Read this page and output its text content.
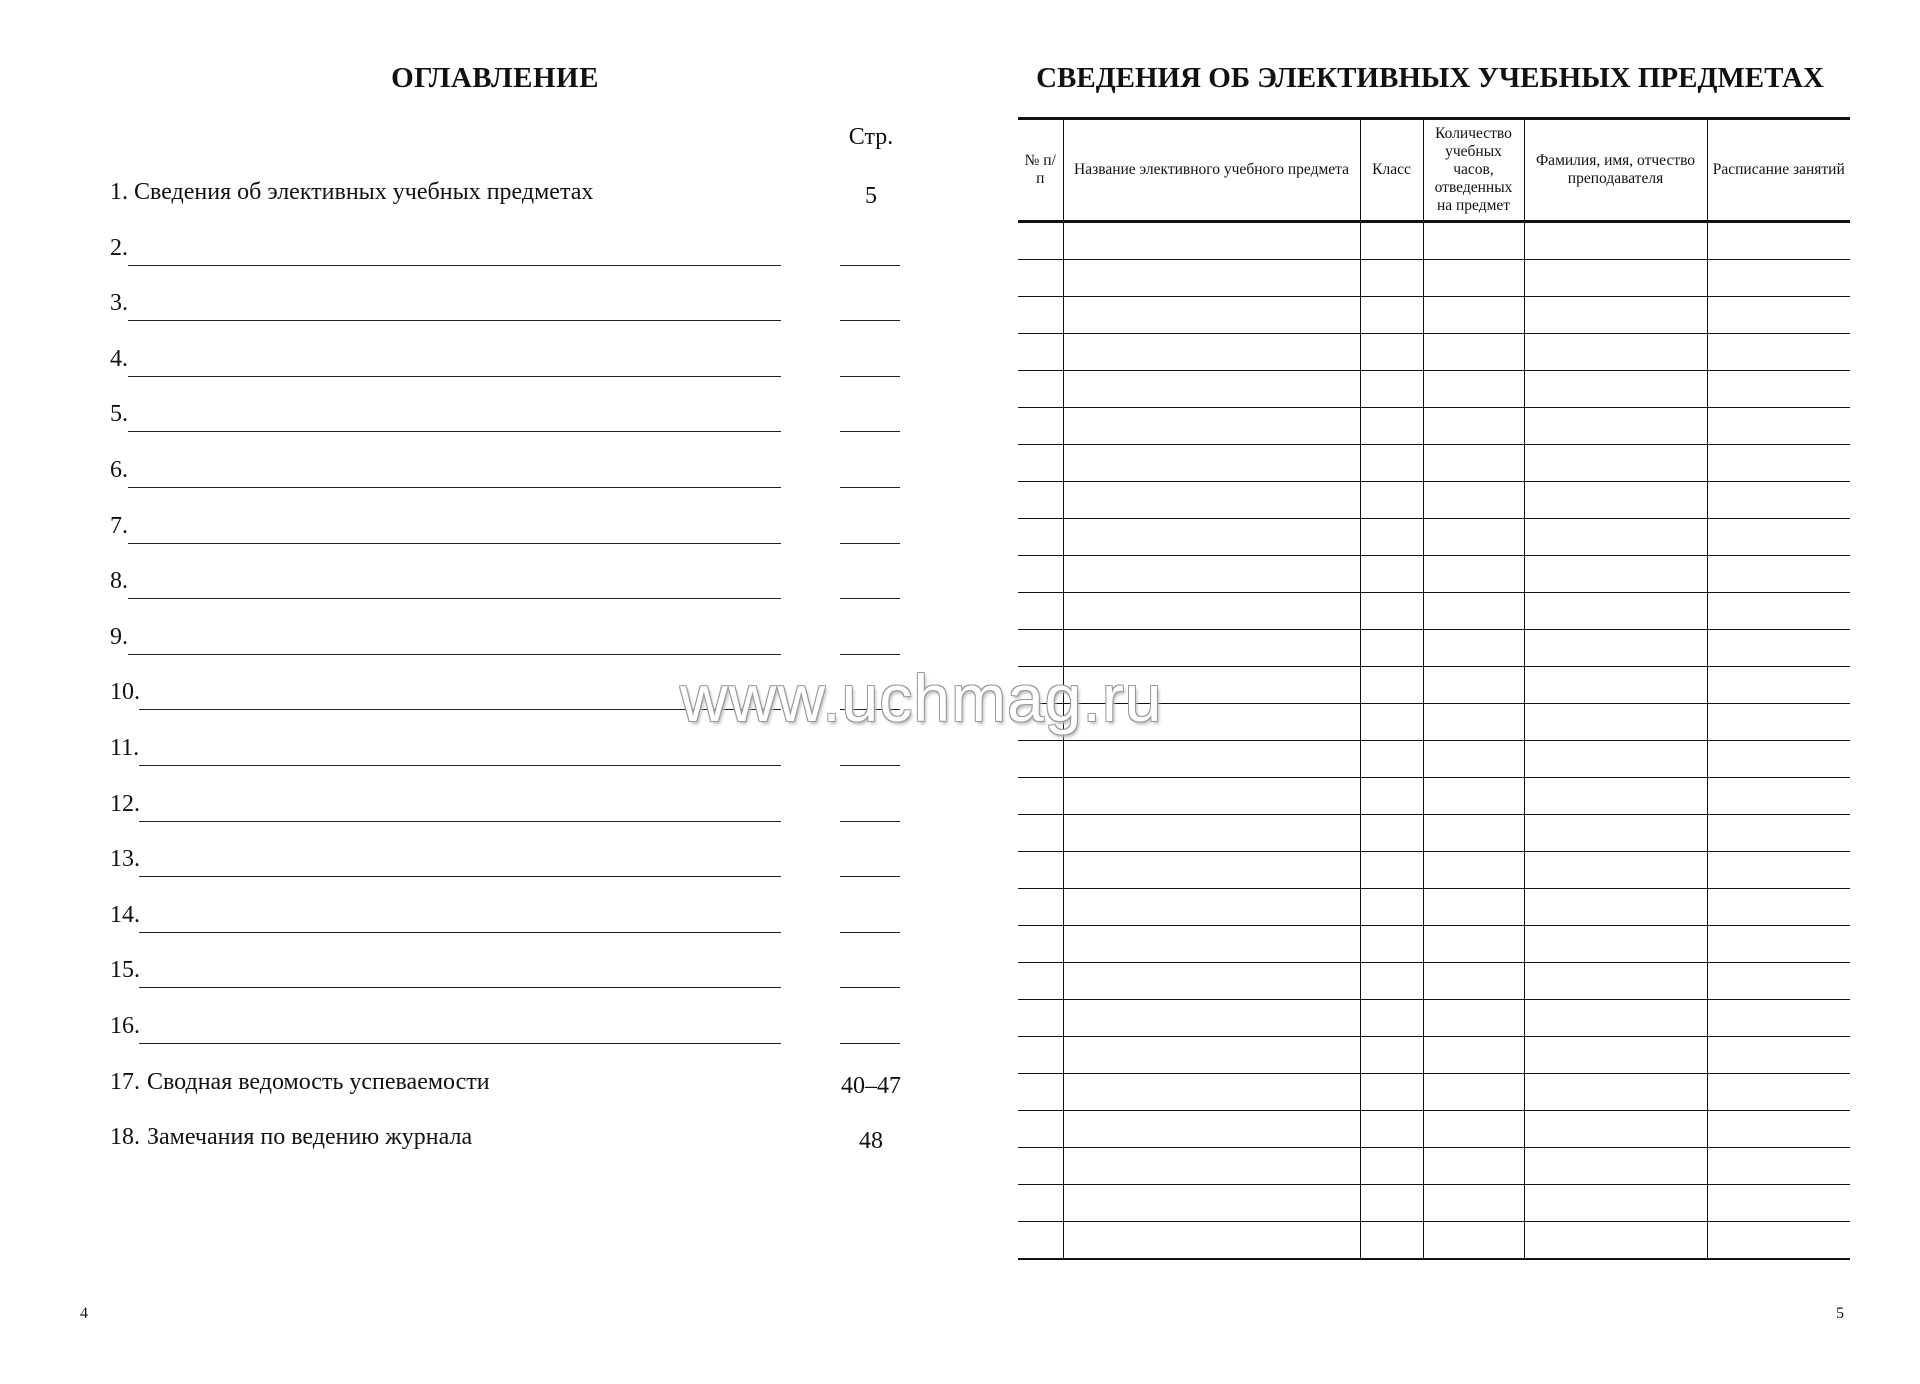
ОГЛАВЛЕНИЕ
Стр.
1. Сведения об элективных учебных предметах	5
2.
3.
4.
5.
6.
7.
8.
9.
10.
11.
12.
13.
14.
15.
16.
17. Сводная ведомость успеваемости	40–47
18. Замечания по ведению журнала	48
4
СВЕДЕНИЯ ОБ ЭЛЕКТИВНЫХ УЧЕБНЫХ ПРЕДМЕТАХ
№ п/п	Название элективного учебного предмета	Класс	Количество учебных часов, отведенных на предмет	Фамилия, имя, отчество преподавателя	Расписание занятий

5
www.uchmag.ru
